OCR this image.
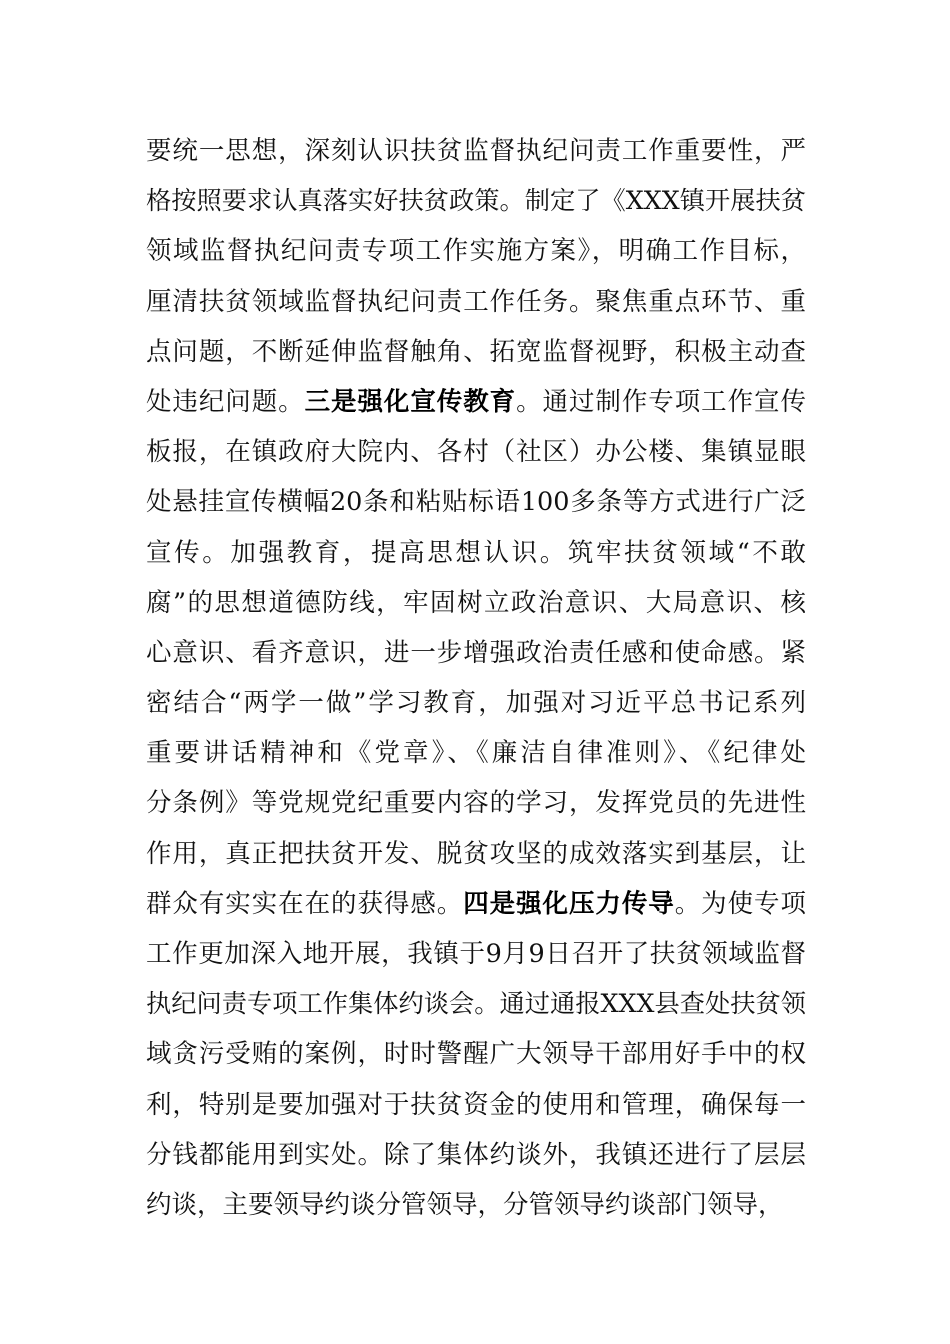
要统一思想，深刻认识扶贫监督执纪问责工作重要性，严
格按照要求认真落实好扶贫政策。制定了《XXX镇开展扶贫
领域监督执纪问责专项工作实施方案》，明确工作目标，
厘清扶贫领域监督执纪问责工作任务。聚焦重点环节、重
点问题，不断延伸监督触角、拓宽监督视野，积极主动查
处违纪问题。三是强化宣传教育。通过制作专项工作宣传
板报，在镇政府大院内、各村（社区）办公楼、集镇显眼
处悬挂宣传横幅20条和粘贴标语100多条等方式进行广泛
宣传。加强教育，提高思想认识。筑牢扶贫领域“不敢
腐”的思想道德防线，牢固树立政治意识、大局意识、核
心意识、看齐意识，进一步增强政治责任感和使命感。紧
密结合“两学一做”学习教育，加强对习近平总书记系列
重要讲话精神和《党章》、《廉洁自律准则》、《纪律处
分条例》等党规党纪重要内容的学习，发挥党员的先进性
作用，真正把扶贫开发、脱贫攻坚的成效落实到基层，让
群众有实实在在的获得感。四是强化压力传导。为使专项
工作更加深入地开展，我镇于9月9日召开了扶贫领域监督
执纪问责专项工作集体约谈会。通过通报XXX县查处扶贫领
域贪污受贿的案例，时时警醒广大领导干部用好手中的权
利，特别是要加强对于扶贫资金的使用和管理，确保每一
分钱都能用到实处。除了集体约谈外，我镇还进行了层层
约谈，主要领导约谈分管领导，分管领导约谈部门领导，
